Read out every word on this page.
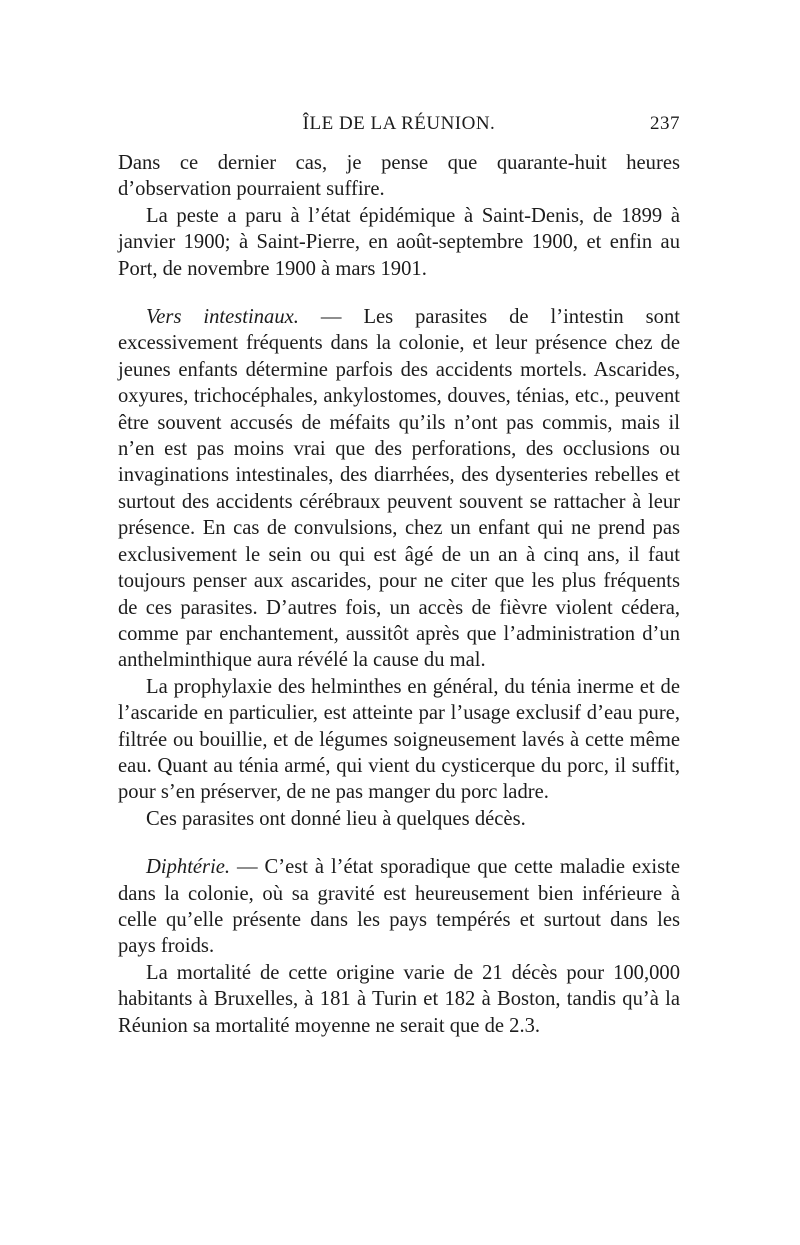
ÎLE DE LA RÉUNION.	237

Dans ce dernier cas, je pense que quarante-huit heures d’observation pourraient suffire.

La peste a paru à l’état épidémique à Saint-Denis, de 1899 à janvier 1900; à Saint-Pierre, en août-septembre 1900, et enfin au Port, de novembre 1900 à mars 1901.

Vers intestinaux. — Les parasites de l’intestin sont excessivement fréquents dans la colonie, et leur présence chez de jeunes enfants détermine parfois des accidents mortels. Ascarides, oxyures, trichocéphales, ankylostomes, douves, ténias, etc., peuvent être souvent accusés de méfaits qu’ils n’ont pas commis, mais il n’en est pas moins vrai que des perforations, des occlusions ou invaginations intestinales, des diarrhées, des dysenteries rebelles et surtout des accidents cérébraux peuvent souvent se rattacher à leur présence. En cas de convulsions, chez un enfant qui ne prend pas exclusivement le sein ou qui est âgé de un an à cinq ans, il faut toujours penser aux ascarides, pour ne citer que les plus fréquents de ces parasites. D’autres fois, un accès de fièvre violent cédera, comme par enchantement, aussitôt après que l’administration d’un anthelminthique aura révélé la cause du mal.

La prophylaxie des helminthes en général, du ténia inerme et de l’ascaride en particulier, est atteinte par l’usage exclusif d’eau pure, filtrée ou bouillie, et de légumes soigneusement lavés à cette même eau. Quant au ténia armé, qui vient du cysticerque du porc, il suffit, pour s’en préserver, de ne pas manger du porc ladre.

Ces parasites ont donné lieu à quelques décès.

Diphtérie. — C’est à l’état sporadique que cette maladie existe dans la colonie, où sa gravité est heureusement bien inférieure à celle qu’elle présente dans les pays tempérés et surtout dans les pays froids.

La mortalité de cette origine varie de 21 décès pour 100,000 habitants à Bruxelles, à 181 à Turin et 182 à Boston, tandis qu’à la Réunion sa mortalité moyenne ne serait que de 2.3.
